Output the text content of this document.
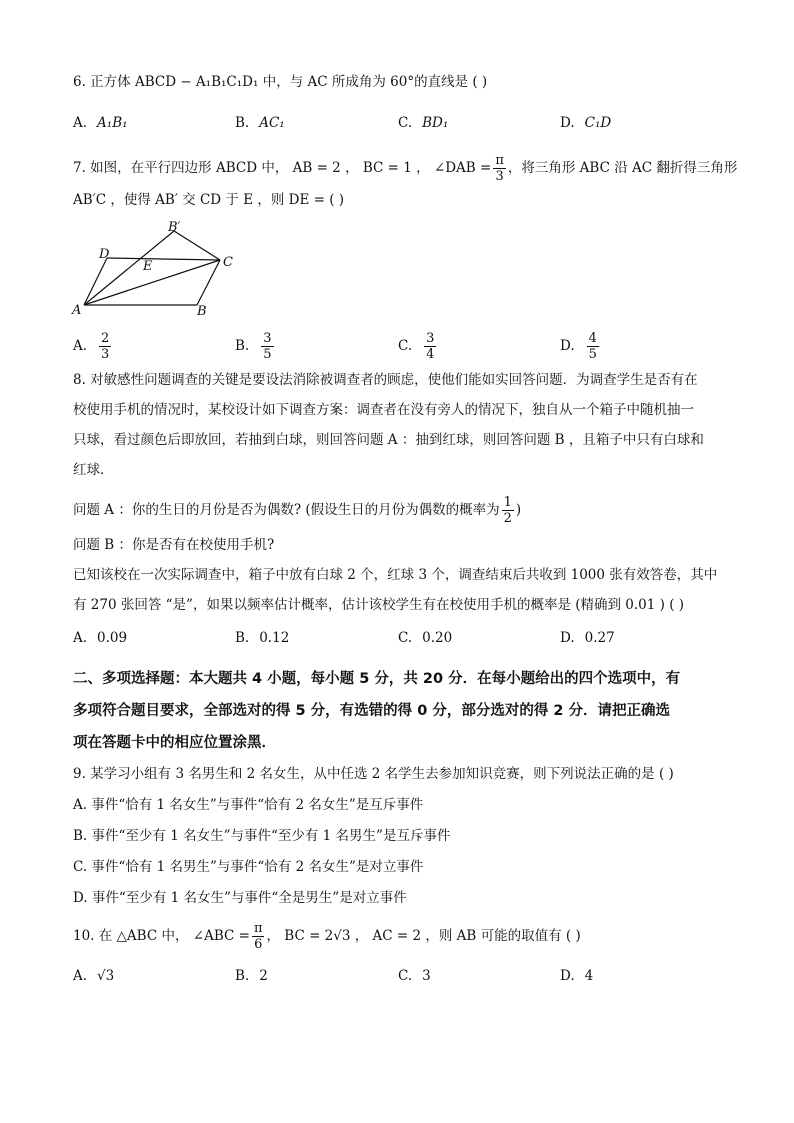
6. 正方体 ABCD − A₁B₁C₁D₁ 中，与 AC 所成角为 60°的直线是 ( )
A. A₁B₁	B. AC₁	C. BD₁	D. C₁D
7. 如图，在平行四边形 ABCD 中， AB = 2 ， BC = 1 ， ∠DAB = $\frac{\pi}{3}$ ，将三角形 ABC 沿 AC 翻折得三角形
AB′C ，使得 AB′ 交 CD 于 E ，则 DE = ( )
A	B
C
D
E
B′
A. $\frac{2}{3}$	B. $\frac{3}{5}$	C. $\frac{3}{4}$	D. $\frac{4}{5}$
8. 对敏感性问题调查的关键是要设法消除被调查者的顾虑，使他们能如实回答问题．为调查学生是否有在
校使用手机的情况时，某校设计如下调查方案：调查者在没有旁人的情况下，独自从一个箱子中随机抽一
只球，看过颜色后即放回，若抽到白球，则回答问题 A ：抽到红球，则回答问题 B ，且箱子中只有白球和
红球．
问题 A ：你的生日的月份是否为偶数? (假设生日的月份为偶数的概率为 $\frac{1}{2}$ )
问题 B ：你是否有在校使用手机?
已知该校在一次实际调查中，箱子中放有白球 2 个，红球 3 个，调查结束后共收到 1000 张有效答卷，其中
有 270 张回答 “是”，如果以频率估计概率，估计该校学生有在校使用手机的概率是 (精确到 0.01 ) ( )
A. 0.09	B. 0.12	C. 0.20	D. 0.27
二、多项选择题：本大题共 4 小题，每小题 5 分，共 20 分．在每小题给出的四个选项中，有
多项符合题目要求，全部选对的得 5 分，有选错的得 0 分，部分选对的得 2 分．请把正确选
项在答题卡中的相应位置涂黑．
9. 某学习小组有 3 名男生和 2 名女生，从中任选 2 名学生去参加知识竞赛，则下列说法正确的是 ( )
A. 事件“恰有 1 名女生”与事件“恰有 2 名女生”是互斥事件
B. 事件“至少有 1 名女生”与事件“至少有 1 名男生”是互斥事件
C. 事件“恰有 1 名男生”与事件“恰有 2 名女生”是对立事件
D. 事件“至少有 1 名女生”与事件“全是男生”是对立事件
10. 在 △ABC 中， ∠ABC = $\frac{\pi}{6}$ ， BC = 2√3 ， AC = 2 ，则 AB 可能的取值有 ( )
A. √3	B. 2	C. 3	D. 4
